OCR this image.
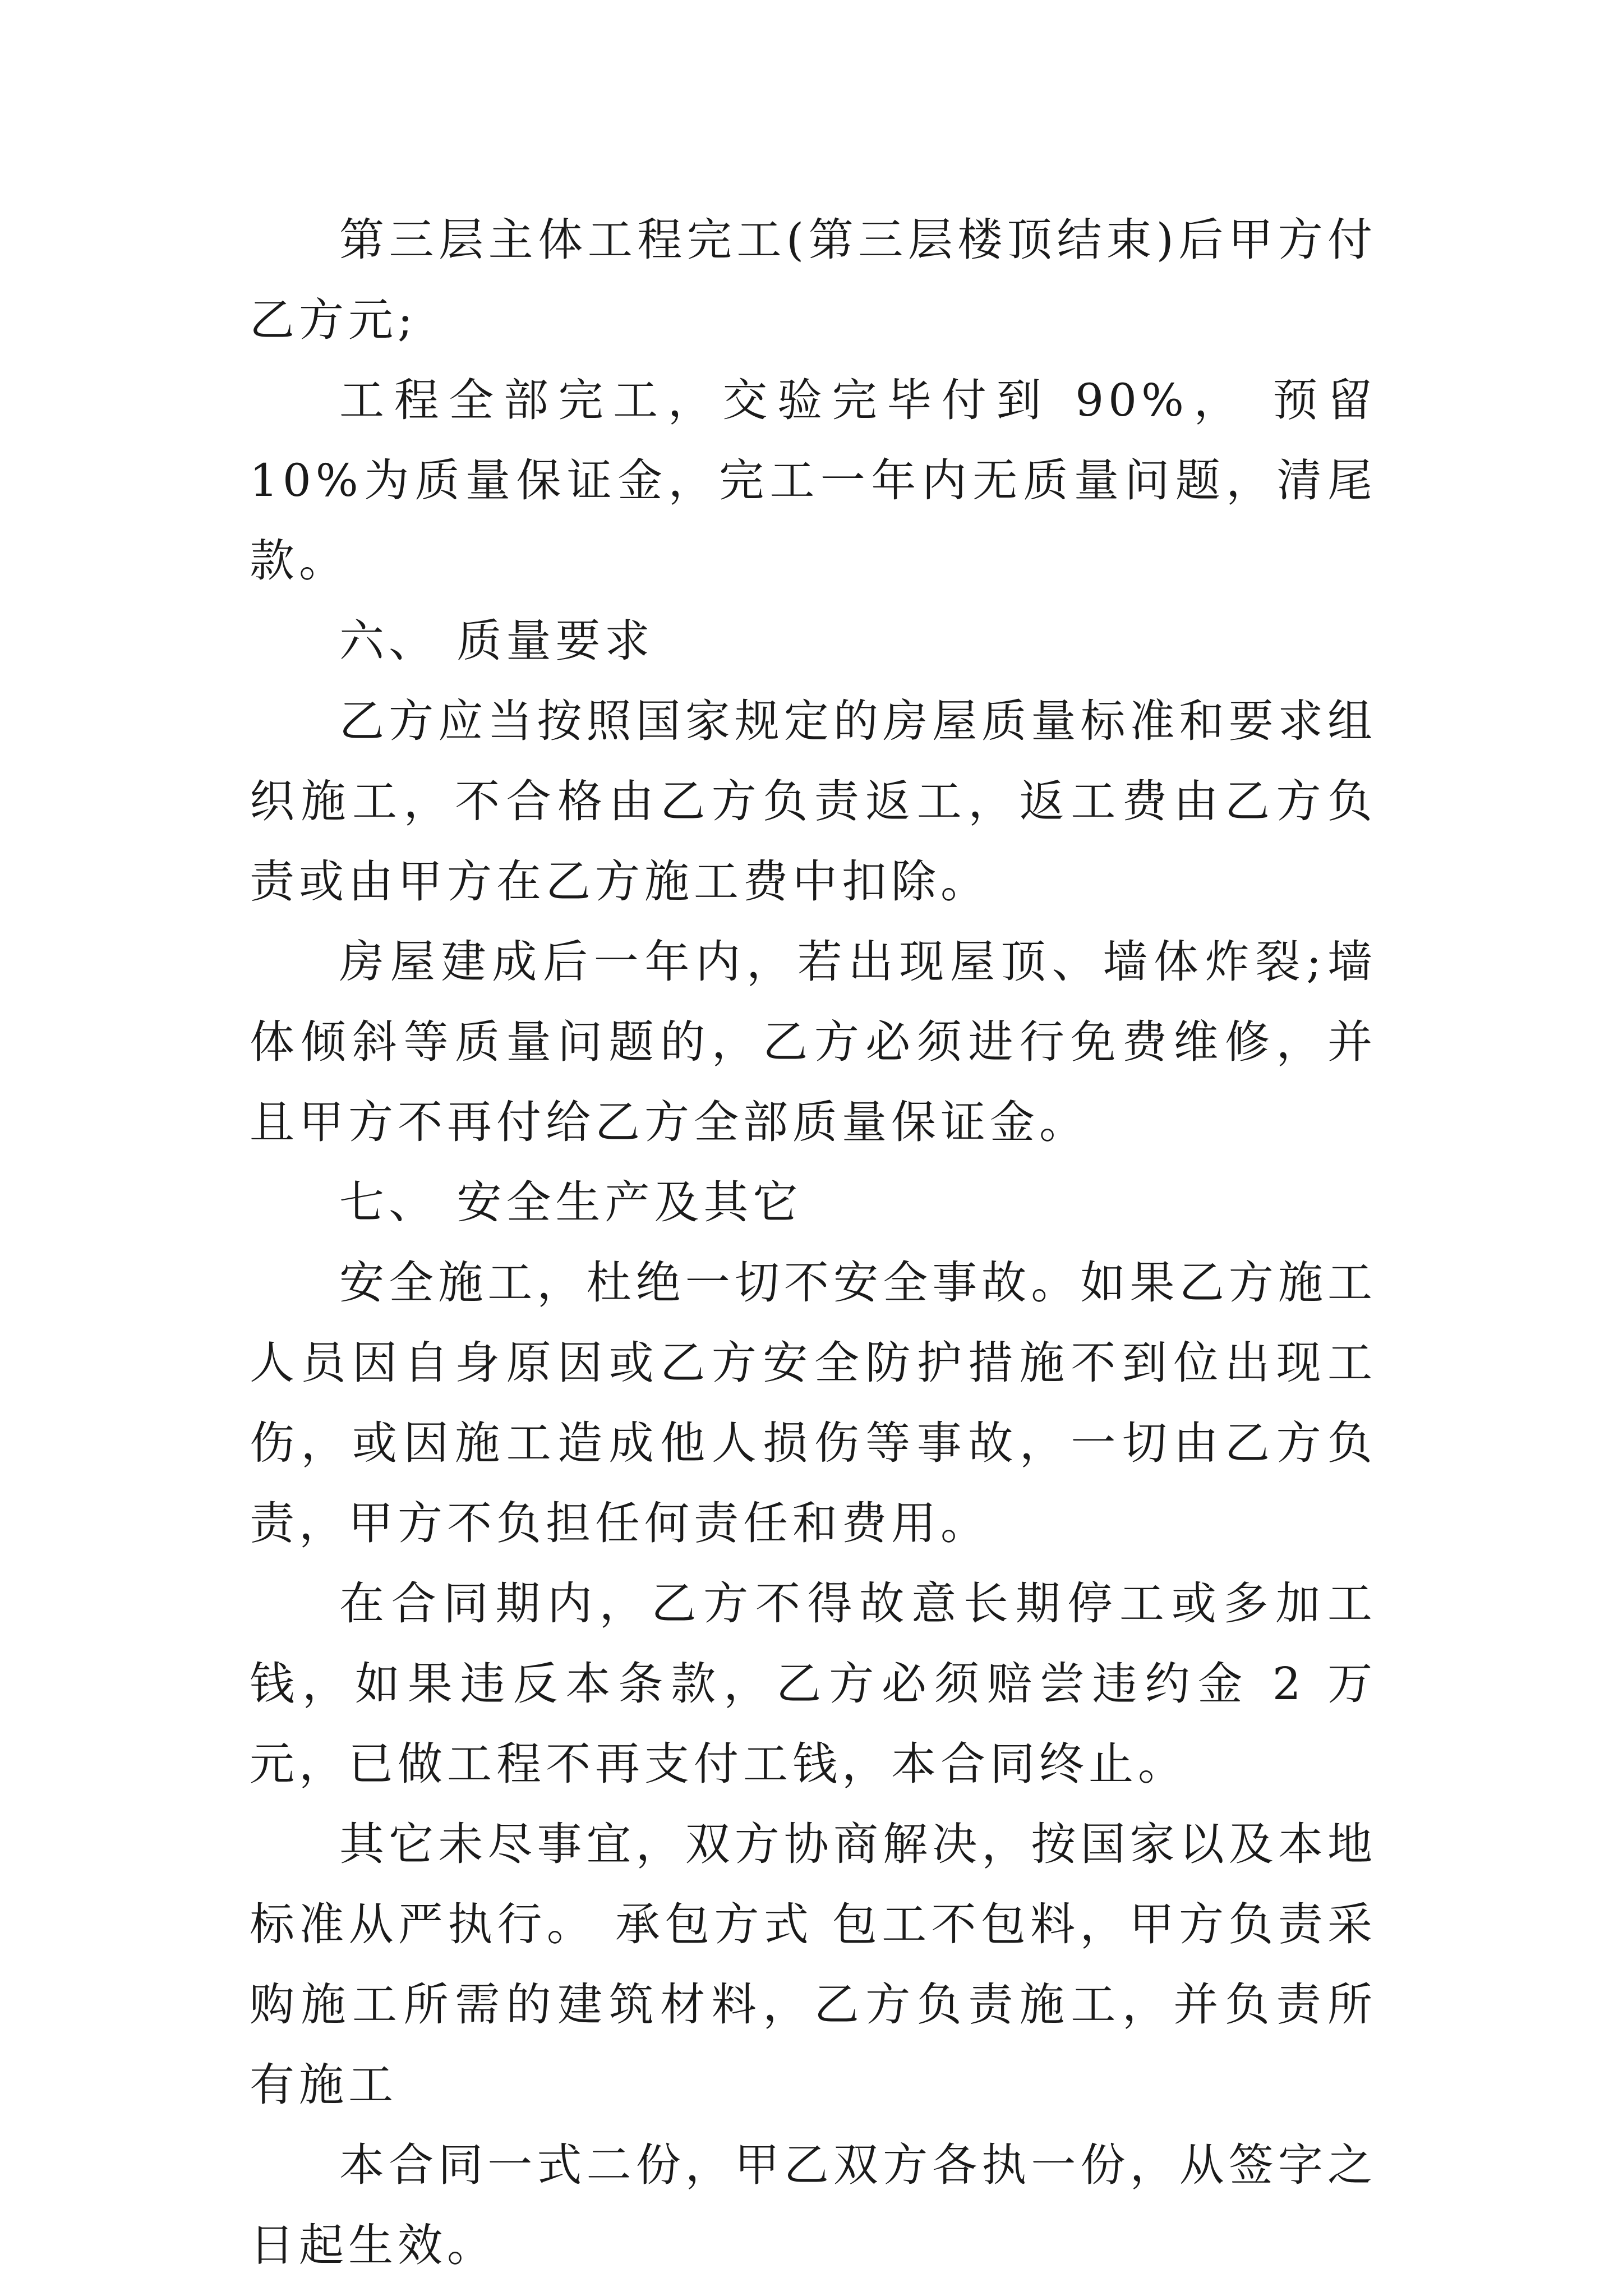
第三层主体工程完工(第三层楼顶结束)后甲方付乙方元;

工程全部完工，交验完毕付到 90%， 预留 10%为质量保证金，完工一年内无质量问题，清尾款。

六、 质量要求

乙方应当按照国家规定的房屋质量标准和要求组织施工，不合格由乙方负责返工，返工费由乙方负责或由甲方在乙方施工费中扣除。

房屋建成后一年内，若出现屋顶、墙体炸裂;墙体倾斜等质量问题的，乙方必须进行免费维修，并且甲方不再付给乙方全部质量保证金。

七、 安全生产及其它

安全施工，杜绝一切不安全事故。如果乙方施工人员因自身原因或乙方安全防护措施不到位出现工伤，或因施工造成他人损伤等事故，一切由乙方负责，甲方不负担任何责任和费用。

在合同期内，乙方不得故意长期停工或多加工钱，如果违反本条款，乙方必须赔尝违约金 2 万元，已做工程不再支付工钱，本合同终止。

其它未尽事宜，双方协商解决，按国家以及本地标准从严执行。 承包方式 包工不包料，甲方负责采购施工所需的建筑材料，乙方负责施工，并负责所有施工

本合同一式二份，甲乙双方各执一份，从签字之日起生效。
